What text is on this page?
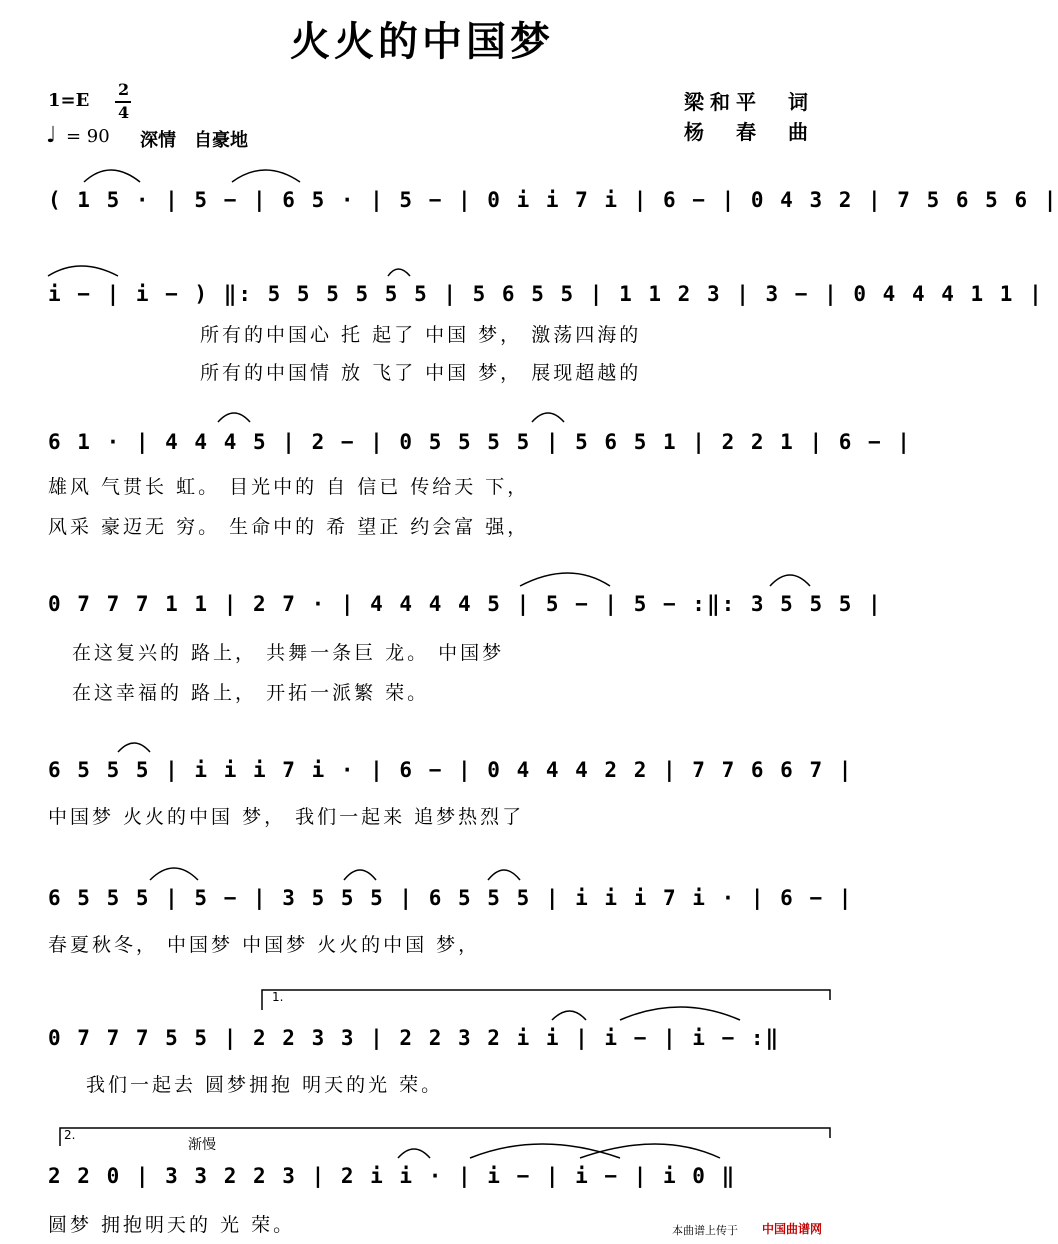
火火的中国梦
1=E
2
4
♩ = 90 深情　自豪地
梁和平　词
杨　春　曲
( 1 5 · | 5 − | 6 5 · | 5 − | 0 i i 7 i | 6 − | 0 4 3 2 | 7 5 6 5 6 |
i − | i − ) ‖: 5 5 5 5 5 5 | 5 6 5 5 | 1 1 2 3 | 3 − | 0 4 4 4 1 1 |
所有的中国心 托 起了 中国 梦， 激荡四海的
所有的中国情 放 飞了 中国 梦， 展现超越的
6 1 · | 4 4 4 5 | 2 − | 0 5 5 5 5 | 5 6 5 1 | 2 2 1 | 6 − |
雄风 气贯长 虹。 目光中的 自 信已 传给天 下，
风采 豪迈无 穷。 生命中的 希 望正 约会富 强，
0 7 7 7 1 1 | 2 7 · | 4 4 4 4 5 | 5 − | 5 − :‖: 3 5 5 5 |
在这复兴的 路上， 共舞一条巨 龙。 中国梦
在这幸福的 路上， 开拓一派繁 荣。
6 5 5 5 | i i i 7 i · | 6 − | 0 4 4 4 2 2 | 7 7 6 6 7 |
中国梦 火火的中国 梦， 我们一起来 追梦热烈了
6 5 5 5 | 5 − | 3 5 5 5 | 6 5 5 5 | i i i 7 i · | 6 − |
春夏秋冬， 中国梦 中国梦 火火的中国 梦，
1.
0 7 7 7 5 5 | 2 2 3 3 | 2 2 3 2 i i | i − | i − :‖
我们一起去 圆梦拥抱 明天的光 荣。
2.
渐慢
2 2 0 | 3 3 2 2 3 | 2 i i · | i − | i − | i 0 ‖
圆梦 拥抱明天的 光 荣。	本曲谱上传于 中国曲谱网
